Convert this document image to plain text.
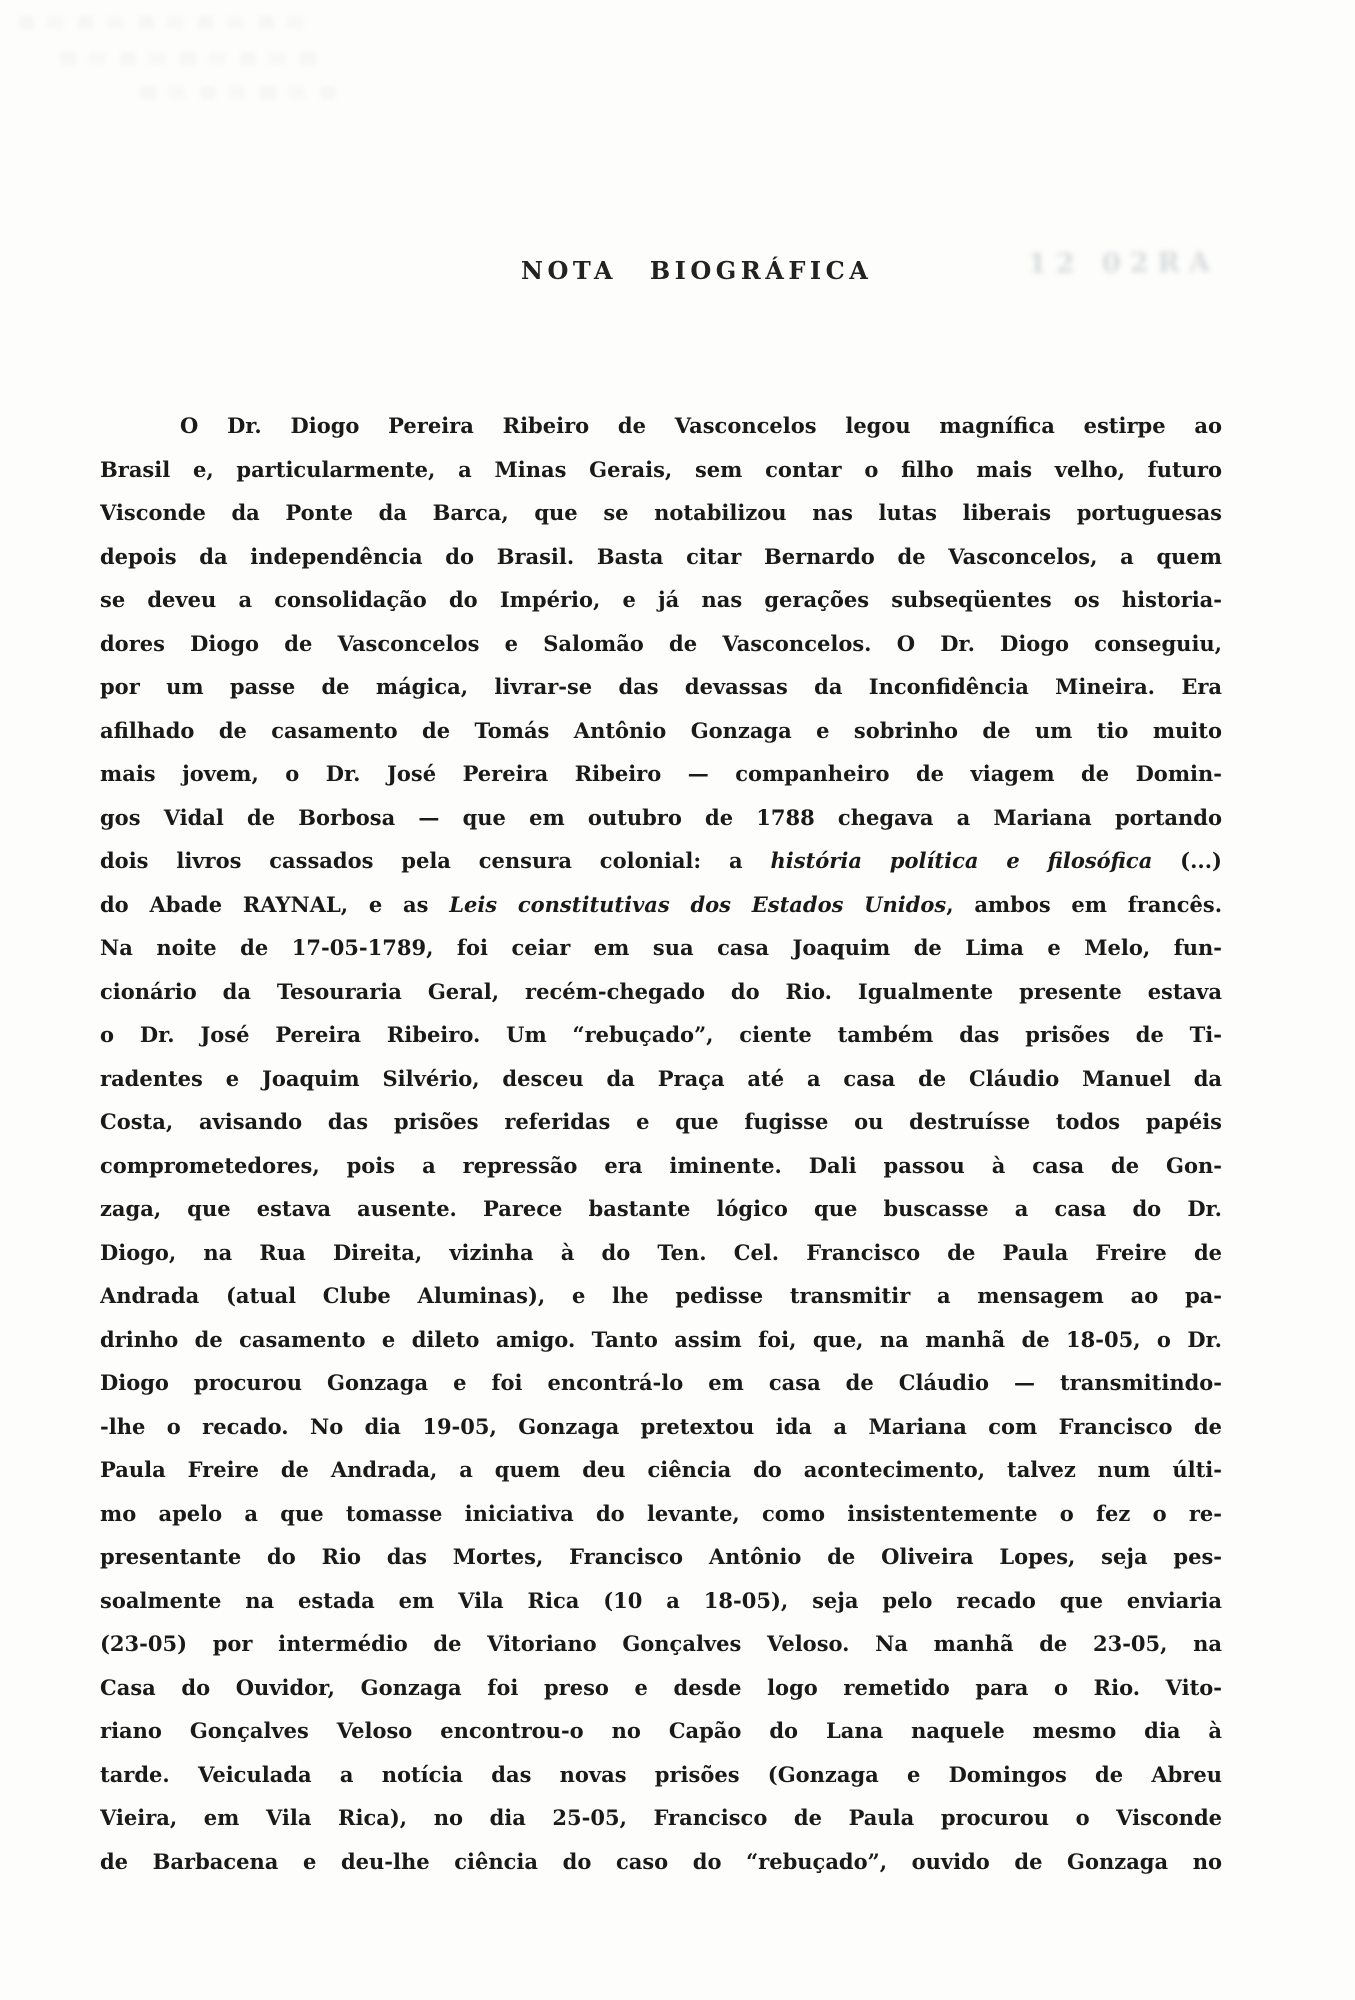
NOTA BIOGRÁFICA	12 02RA
O Dr. Diogo Pereira Ribeiro de Vasconcelos legou magnífica estirpe ao
Brasil e, particularmente, a Minas Gerais, sem contar o filho mais velho, futuro
Visconde da Ponte da Barca, que se notabilizou nas lutas liberais portuguesas
depois da independência do Brasil. Basta citar Bernardo de Vasconcelos, a quem
se deveu a consolidação do Império, e já nas gerações subseqüentes os historia-
dores Diogo de Vasconcelos e Salomão de Vasconcelos. O Dr. Diogo conseguiu,
por um passe de mágica, livrar-se das devassas da Inconfidência Mineira. Era
afilhado de casamento de Tomás Antônio Gonzaga e sobrinho de um tio muito
mais jovem, o Dr. José Pereira Ribeiro — companheiro de viagem de Domin-
gos Vidal de Borbosa — que em outubro de 1788 chegava a Mariana portando
dois livros cassados pela censura colonial: a história política e filosófica (...)
do Abade RAYNAL, e as Leis constitutivas dos Estados Unidos, ambos em francês.
Na noite de 17-05-1789, foi ceiar em sua casa Joaquim de Lima e Melo, fun-
cionário da Tesouraria Geral, recém-chegado do Rio. Igualmente presente estava
o Dr. José Pereira Ribeiro. Um “rebuçado”, ciente também das prisões de Ti-
radentes e Joaquim Silvério, desceu da Praça até a casa de Cláudio Manuel da
Costa, avisando das prisões referidas e que fugisse ou destruísse todos papéis
comprometedores, pois a repressão era iminente. Dali passou à casa de Gon-
zaga, que estava ausente. Parece bastante lógico que buscasse a casa do Dr.
Diogo, na Rua Direita, vizinha à do Ten. Cel. Francisco de Paula Freire de
Andrada (atual Clube Aluminas), e lhe pedisse transmitir a mensagem ao pa-
drinho de casamento e dileto amigo. Tanto assim foi, que, na manhã de 18-05, o Dr.
Diogo procurou Gonzaga e foi encontrá-lo em casa de Cláudio — transmitindo-
-lhe o recado. No dia 19-05, Gonzaga pretextou ida a Mariana com Francisco de
Paula Freire de Andrada, a quem deu ciência do acontecimento, talvez num últi-
mo apelo a que tomasse iniciativa do levante, como insistentemente o fez o re-
presentante do Rio das Mortes, Francisco Antônio de Oliveira Lopes, seja pes-
soalmente na estada em Vila Rica (10 a 18-05), seja pelo recado que enviaria
(23-05) por intermédio de Vitoriano Gonçalves Veloso. Na manhã de 23-05, na
Casa do Ouvidor, Gonzaga foi preso e desde logo remetido para o Rio. Vito-
riano Gonçalves Veloso encontrou-o no Capão do Lana naquele mesmo dia à
tarde. Veiculada a notícia das novas prisões (Gonzaga e Domingos de Abreu
Vieira, em Vila Rica), no dia 25-05, Francisco de Paula procurou o Visconde
de Barbacena e deu-lhe ciência do caso do “rebuçado”, ouvido de Gonzaga no
